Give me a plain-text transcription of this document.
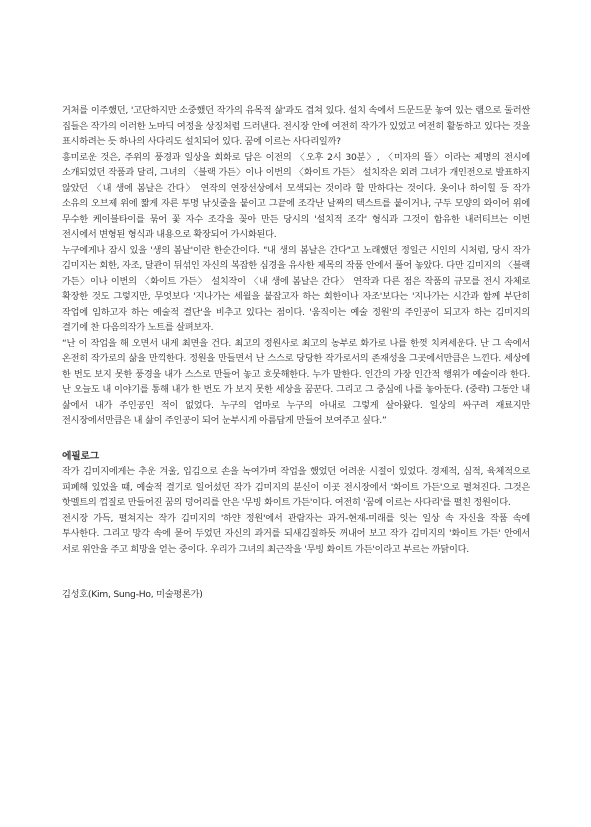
거처를 이주했던, '고단하지만 소중했던 작가의 유목적 삶'과도 겹쳐 있다. 설치 속에서 드문드문 놓여 있는 램으로 둘러싼 집들은 작가의 이러한 노마딕 여정을 상징처럼 드러낸다. 전시장 안에 여전히 작가가 있었고 여전히 활동하고 있다는 것을 표시하려는 듯 하나의 사다리도 설치되어 있다. 꿈에 이르는 사다리일까?

흥미로운 것은, 주위의 풍경과 일상을 회화로 담은 이전의 〈오후 2시 30분〉, 〈미자의 뜰〉이라는 제명의 전시에 소개되었던 작품과 달리, 그녀의 〈블랙 가든〉이나 이번의 〈화이트 가든〉 설치작은 외려 그녀가 개인전으로 발표하지 않았던 〈내 생에 봄날은 간다〉 연작의 연장선상에서 모색되는 것이라 할 만하다는 것이다. 옷이나 하이힐 등 작가 소유의 오브제 위에 짧게 자른 투명 낚싯줄을 붙이고 그끝에 조각난 날짜의 텍스트를 붙이거나, 구두 모양의 와이어 위에 무수한 케이블타이를 묶어 꽃 자수 조각을 꽂아 만든 당시의 '설치적 조각' 형식과 그것이 함유한 내러티브는 이번 전시에서 변형된 형식과 내용으로 확장되어 가시화된다.

누구에게나 잠시 있을 '생의 봄날'이란 한순간이다. "내 생의 봄날은 간다"고 노래했던 정일근 시인의 시처럼, 당시 작가 김미지는 회한, 자조, 달관이 뒤섞인 자신의 복잡한 심경을 유사한 제목의 작품 안에서 풀어 놓았다. 다만 김미지의 〈블랙 가든〉이나 이번의 〈화이트 가든〉 설치작이 〈내 생에 봄날은 간다〉 연작과 다른 점은 작품의 규모를 전시 자체로 확장한 것도 그렇지만, 무엇보다 '지나가는 세월을 붙잡고자 하는 회한이나 자조'보다는 '지나가는 시간과 함께 부단히 작업에 임하고자 하는 예술적 결단'을 비추고 있다는 점이다. '움직이는 예술 정원'의 주인공이 되고자 하는 김미지의 결기에 찬 다음의작가 노트를 살펴보자.

“난 이 작업을 해 오면서 내게 최면을 건다. 최고의 정원사로 최고의 농부로 화가로 나를 한껏 치켜세운다. 난 그 속에서 온전히 작가로의 삶을 만끽한다. 정원을 만들면서 난 스스로 당당한 작가로서의 존재성을 그곳에서만큼은 느낀다. 세상에 한 번도 보지 못한 풍경을 내가 스스로 만들어 놓고 흐뭇해한다. 누가 말한다. 인간의 가장 인간적 행위가 예술이라 한다. 난 오늘도 내 이야기를 통해 내가 한 번도 가 보지 못한 세상을 꿈꾼다. 그리고 그 중심에 나를 놓아둔다. (중략) 그동안 내 삶에서 내가 주인공인 적이 없었다. 누구의 엄마로 누구의 아내로 그렇게 살아왔다. 일상의 싸구려 재료지만 전시장에서만큼은 내 삶이 주인공이 되어 눈부시게 아름답게 만들어 보여주고 싶다.”

에필로그

작가 김미지에게는 추운 겨울, 입김으로 손을 녹여가며 작업을 했었던 어려운 시절이 있었다. 경제적, 심적, 육체적으로 피폐해 있었을 때, 예술적 결기로 일어섰던 작가 김미지의 분신이 이곳 전시장에서 '화이트 가든'으로 펼쳐진다. 그것은 핫멜트의 껍질로 만들어진 꿈의 덩어리를 안은 '무빙 화이트 가든'이다. 여전히 '꿈에 이르는 사다리'를 펼친 정원이다.

전시장 가득, 펼쳐지는 작가 김미지의 '하얀 정원'에서 관람자는 과거-현재-미래를 잇는 일상 속 자신을 작품 속에 투사한다. 그리고 망각 속에 묻어 두었던 자신의 과거를 되새김질하듯 꺼내어 보고 작가 김미지의 '화이트 가든' 안에서 서로 위안을 주고 희망을 얻는 중이다. 우리가 그녀의 최근작을 '무빙 화이트 가든'이라고 부르는 까닭이다.

김성호(Kim, Sung-Ho, 미술평론가)
